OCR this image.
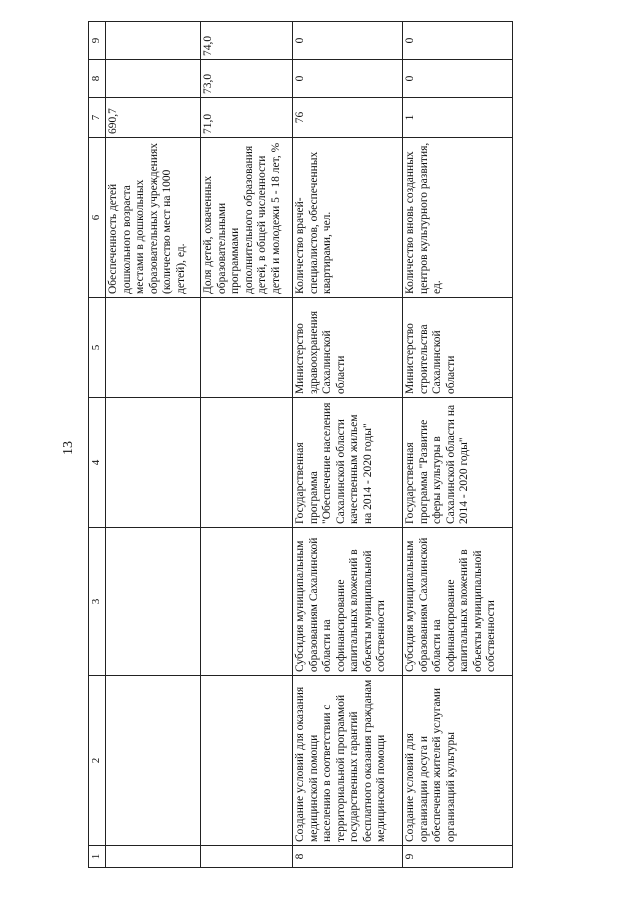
13
1	2	3	4	5	6	7	8	9
					Обеспеченность детей дошкольного возраста местами в дошкольных образовательных учреждениях (количество мест на 1000 детей), ед.	690,7		
					Доля детей, охваченных образовательными программами дополнительного образования детей, в общей численности детей и молодежи 5 - 18 лет, %	71,0	73,0	74,0
8	Создание условий для оказания медицинской помощи населению в соответствии с территориальной программой государственных гарантий бесплатного оказания гражданам медицинской помощи	Субсидия муниципальным образованиям Сахалинской области на софинансирование капитальных вложений в объекты муниципальной собственности	Государственная программа "Обеспечение населения Сахалинской области качественным жильем на 2014 - 2020 годы"	Министерство здравоохранения Сахалинской области	Количество врачей-специалистов, обеспеченных квартирами, чел.	76	0	0
9	Создание условий для организации досуга и обеспечения жителей услугами организаций культуры	Субсидия муниципальным образованиям Сахалинской области на софинансирование капитальных вложений в объекты муниципальной собственности	Государственная программа "Развитие сферы культуры в Сахалинской области на 2014 - 2020 годы"	Министерство строительства Сахалинской области	Количество вновь созданных центров культурного развития, ед.	1	0	0
